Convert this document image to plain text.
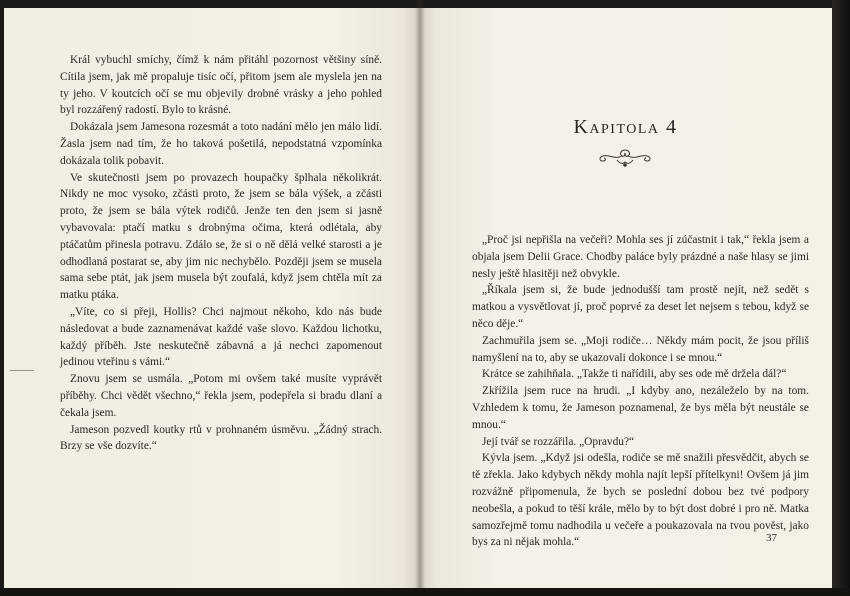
Král vybuchl smíchy, čímž k nám přitáhl pozornost většiny síně. Cítila jsem, jak mě propaluje tisíc očí, přitom jsem ale myslela jen na ty jeho. V koutcích očí se mu objevily drobné vrásky a jeho pohled byl rozzářený radostí. Bylo to krásné.

Dokázala jsem Jamesona rozesmát a toto nadání mělo jen málo lidí. Žasla jsem nad tím, že ho taková pošetilá, nepodstatná vzpomínka dokázala tolik pobavit.

Ve skutečnosti jsem po provazech houpačky šplhala několikrát. Nikdy ne moc vysoko, zčásti proto, že jsem se bála výšek, a zčásti proto, že jsem se bála výtek rodičů. Jenže ten den jsem si jasně vybavovala: ptačí matku s drobnýma očima, která odlétala, aby ptáčatům přinesla potravu. Zdálo se, že si o ně dělá velké starosti a je odhodlaná postarat se, aby jim nic nechybělo. Později jsem se musela sama sebe ptát, jak jsem musela být zoufalá, když jsem chtěla mít za matku ptáka.

„Víte, co si přeji, Hollis? Chci najmout někoho, kdo nás bude následovat a bude zaznamenávat každé vaše slovo. Každou lichotku, každý příběh. Jste neskutečně zábavná a já nechci zapomenout jedinou vteřinu s vámi.“

Znovu jsem se usmála. „Potom mi ovšem také musíte vyprávět příběhy. Chci vědět všechno,“ řekla jsem, podepřela si bradu dlaní a čekala jsem.

Jameson pozvedl koutky rtů v prohnaném úsměvu. „Žádný strach. Brzy se vše dozvíte.“

Kapitola 4

„Proč jsi nepřišla na večeři? Mohla ses jí zúčastnit i tak,“ řekla jsem a objala jsem Delii Grace. Chodby paláce byly prázdné a naše hlasy se jimi nesly ještě hlasitěji než obvykle.

„Říkala jsem si, že bude jednodušší tam prostě nejít, než sedět s matkou a vysvětlovat jí, proč poprvé za deset let nejsem s tebou, když se něco děje.“

Zachmuřila jsem se. „Moji rodiče… Někdy mám pocit, že jsou příliš namyšlení na to, aby se ukazovali dokonce i se mnou.“

Krátce se zahihňala. „Takže ti nařídili, aby ses ode mě držela dál?“

Zkřížila jsem ruce na hrudi. „I kdyby ano, nezáleželo by na tom. Vzhledem k tomu, že Jameson poznamenal, že bys měla být neustále se mnou.“

Její tvář se rozzářila. „Opravdu?“

Kývla jsem. „Když jsi odešla, rodiče se mě snažili přesvědčit, abych se tě zřekla. Jako kdybych někdy mohla najít lepší přítelkyni! Ovšem já jim rozvážně připomenula, že bych se poslední dobou bez tvé podpory neobešla, a pokud to těší krále, mělo by to být dost dobré i pro ně. Matka samozřejmě tomu nadhodila u večeře a poukazovala na tvou pověst, jako bys za ni nějak mohla.“	37
